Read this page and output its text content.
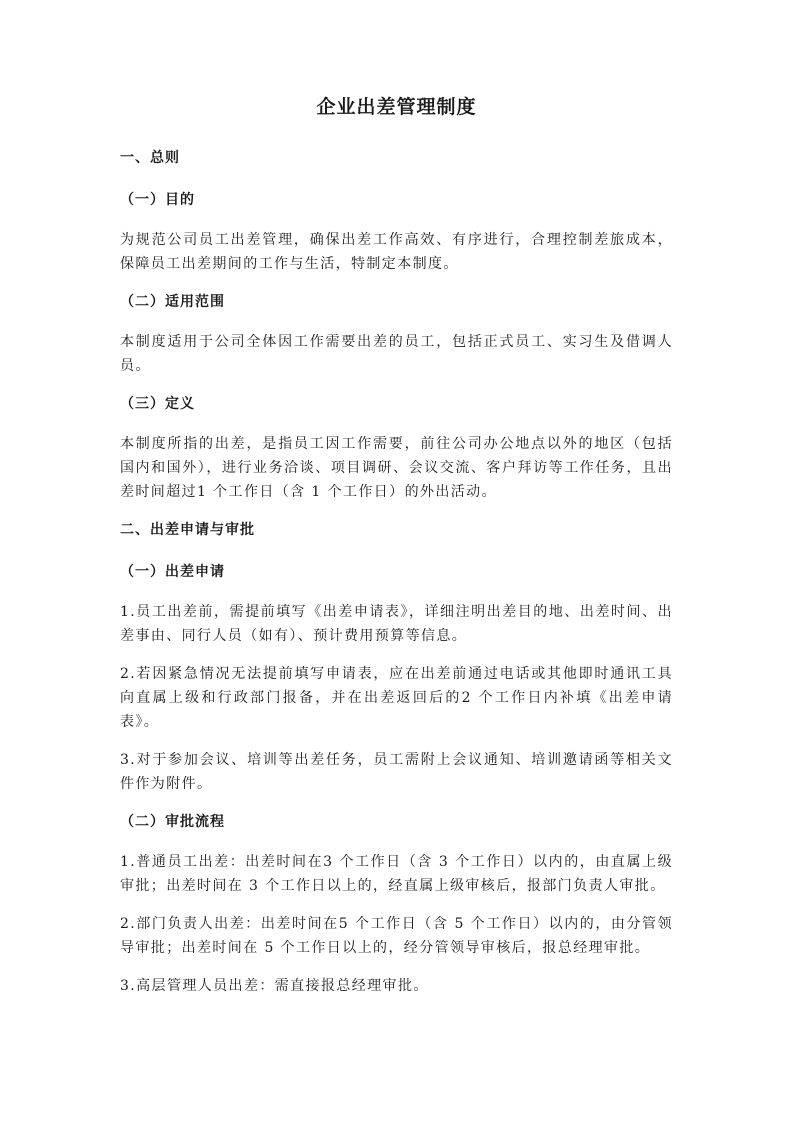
企业出差管理制度
一、总则
（一）目的

为规范公司员工出差管理，确保出差工作高效、有序进行，合理控制差旅成本，保障员工出差期间的工作与生活，特制定本制度。

（二）适用范围

本制度适用于公司全体因工作需要出差的员工，包括正式员工、实习生及借调人员。

（三）定义

本制度所指的出差，是指员工因工作需要，前往公司办公地点以外的地区（包括国内和国外），进行业务洽谈、项目调研、会议交流、客户拜访等工作任务，且出差时间超过1 个工作日（含 1 个工作日）的外出活动。

二、出差申请与审批
（一）出差申请

1.员工出差前，需提前填写《出差申请表》，详细注明出差目的地、出差时间、出差事由、同行人员（如有）、预计费用预算等信息。

2.若因紧急情况无法提前填写申请表，应在出差前通过电话或其他即时通讯工具向直属上级和行政部门报备，并在出差返回后的2 个工作日内补填《出差申请表》。

3.对于参加会议、培训等出差任务，员工需附上会议通知、培训邀请函等相关文件作为附件。

（二）审批流程

1.普通员工出差：出差时间在3 个工作日（含 3 个工作日）以内的，由直属上级审批；出差时间在 3 个工作日以上的，经直属上级审核后，报部门负责人审批。

2.部门负责人出差：出差时间在5 个工作日（含 5 个工作日）以内的，由分管领导审批；出差时间在 5 个工作日以上的，经分管领导审核后，报总经理审批。

3.高层管理人员出差：需直接报总经理审批。
